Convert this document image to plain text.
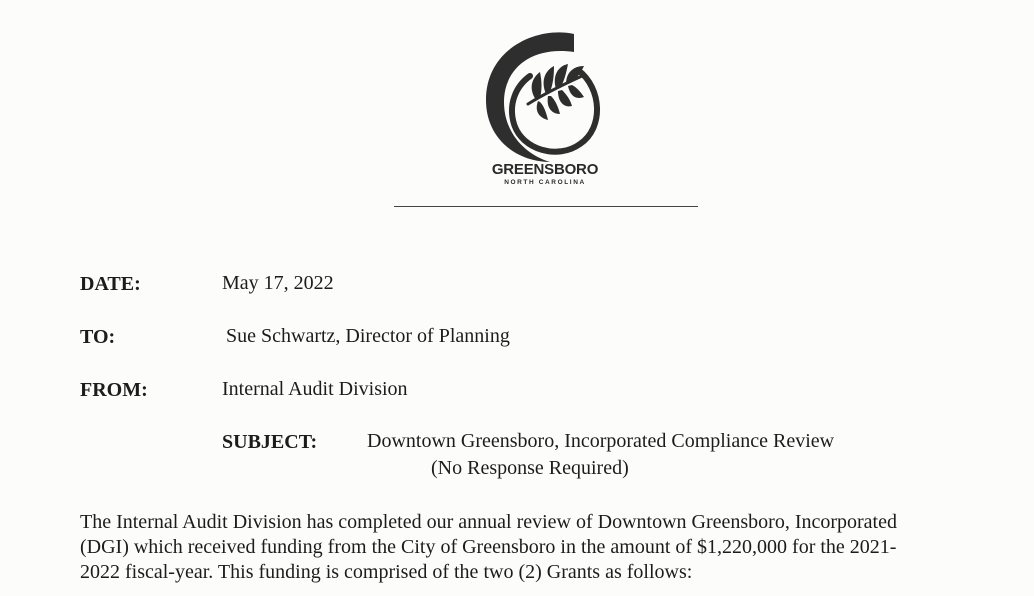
GREENSBORO
NORTH CAROLINA
DATE:	May 17, 2022
TO:	Sue Schwartz, Director of Planning
FROM:	Internal Audit Division
SUBJECT: Downtown Greensboro, Incorporated Compliance Review
(No Response Required)

The Internal Audit Division has completed our annual review of Downtown Greensboro, Incorporated

(DGI) which received funding from the City of Greensboro in the amount of $1,220,000 for the 2021-

2022 fiscal-year. This funding is comprised of the two (2) Grants as follows:
